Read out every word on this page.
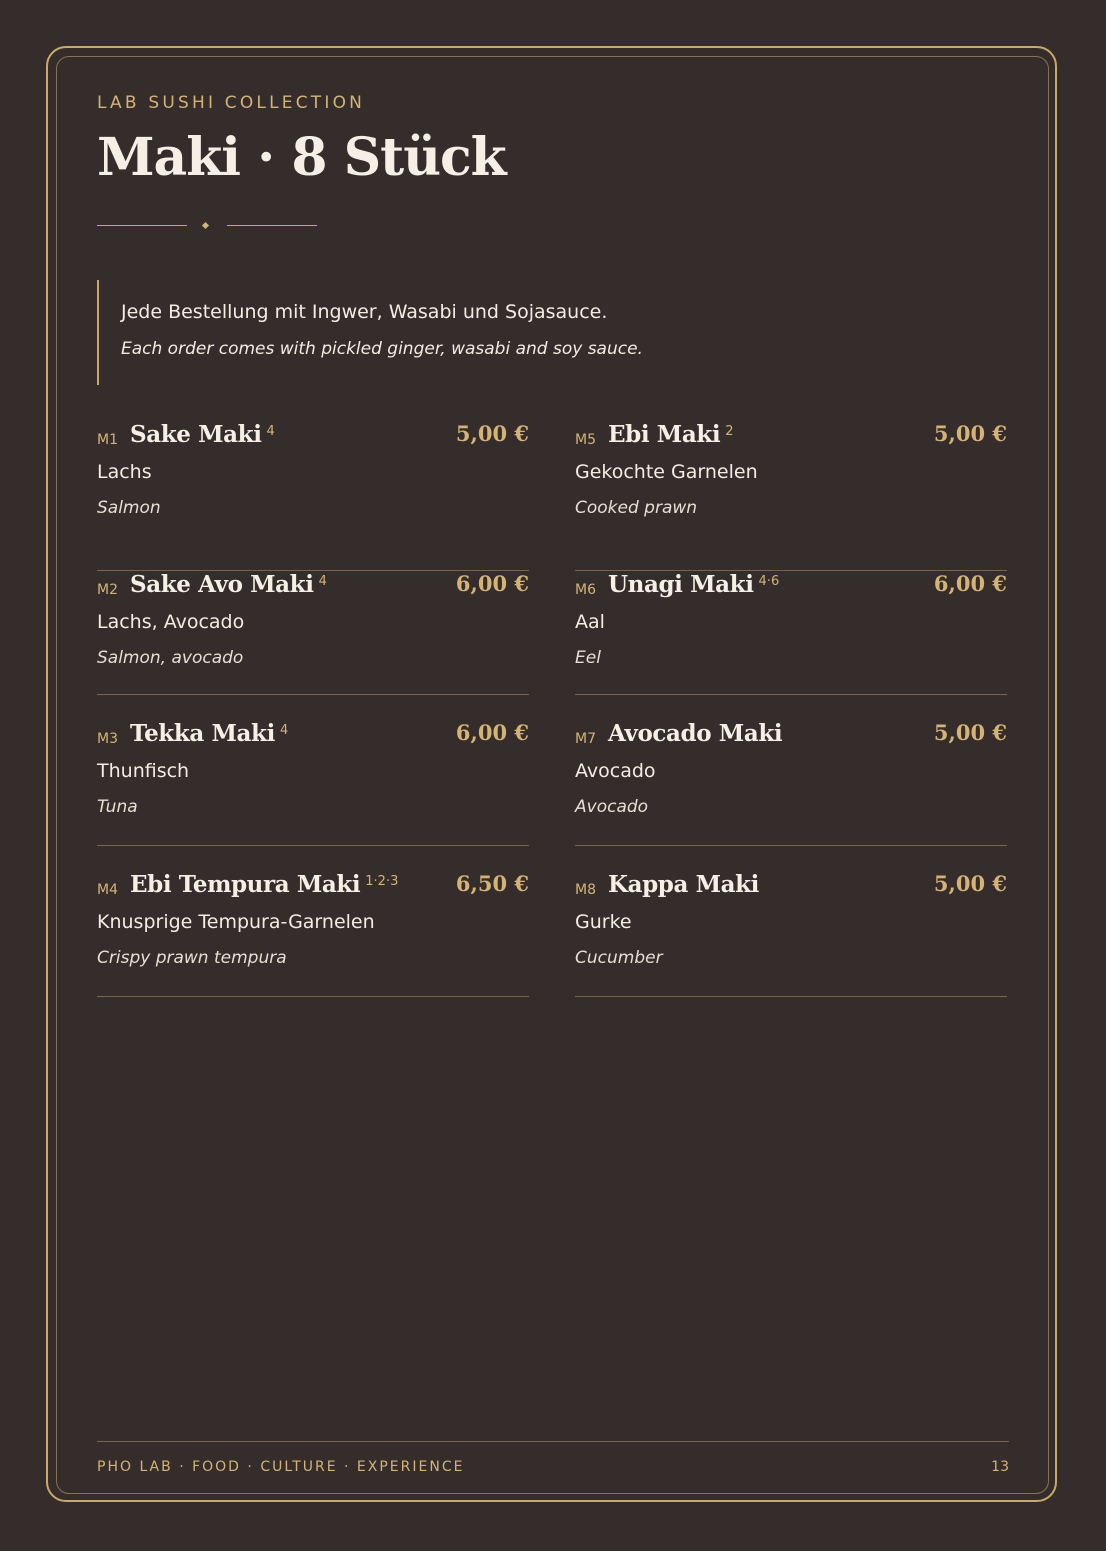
LAB SUSHI COLLECTION
Maki · 8 Stück
Jede Bestellung mit Ingwer, Wasabi und Sojasauce.
Each order comes with pickled ginger, wasabi and soy sauce.
M1 Sake Maki $^4$	5,00 €
Lachs
Salmon
M5 Ebi Maki $^2$	5,00 €
Gekochte Garnelen
Cooked prawn
M2 Sake Avo Maki $^4$	6,00 €
Lachs, Avocado
Salmon, avocado
M6 Unagi Maki $^{4\cdot 6}$	6,00 €
Aal
Eel
M3 Tekka Maki $^4$	6,00 €
Thunfisch
Tuna
M7 Avocado Maki	5,00 €
Avocado
Avocado
M4 Ebi Tempura Maki $^{1\cdot 2\cdot 3}$	6,50 €
Knusprige Tempura-Garnelen
Crispy prawn tempura
M8 Kappa Maki	5,00 €
Gurke
Cucumber
PHO LAB · FOOD · CULTURE · EXPERIENCE	13
